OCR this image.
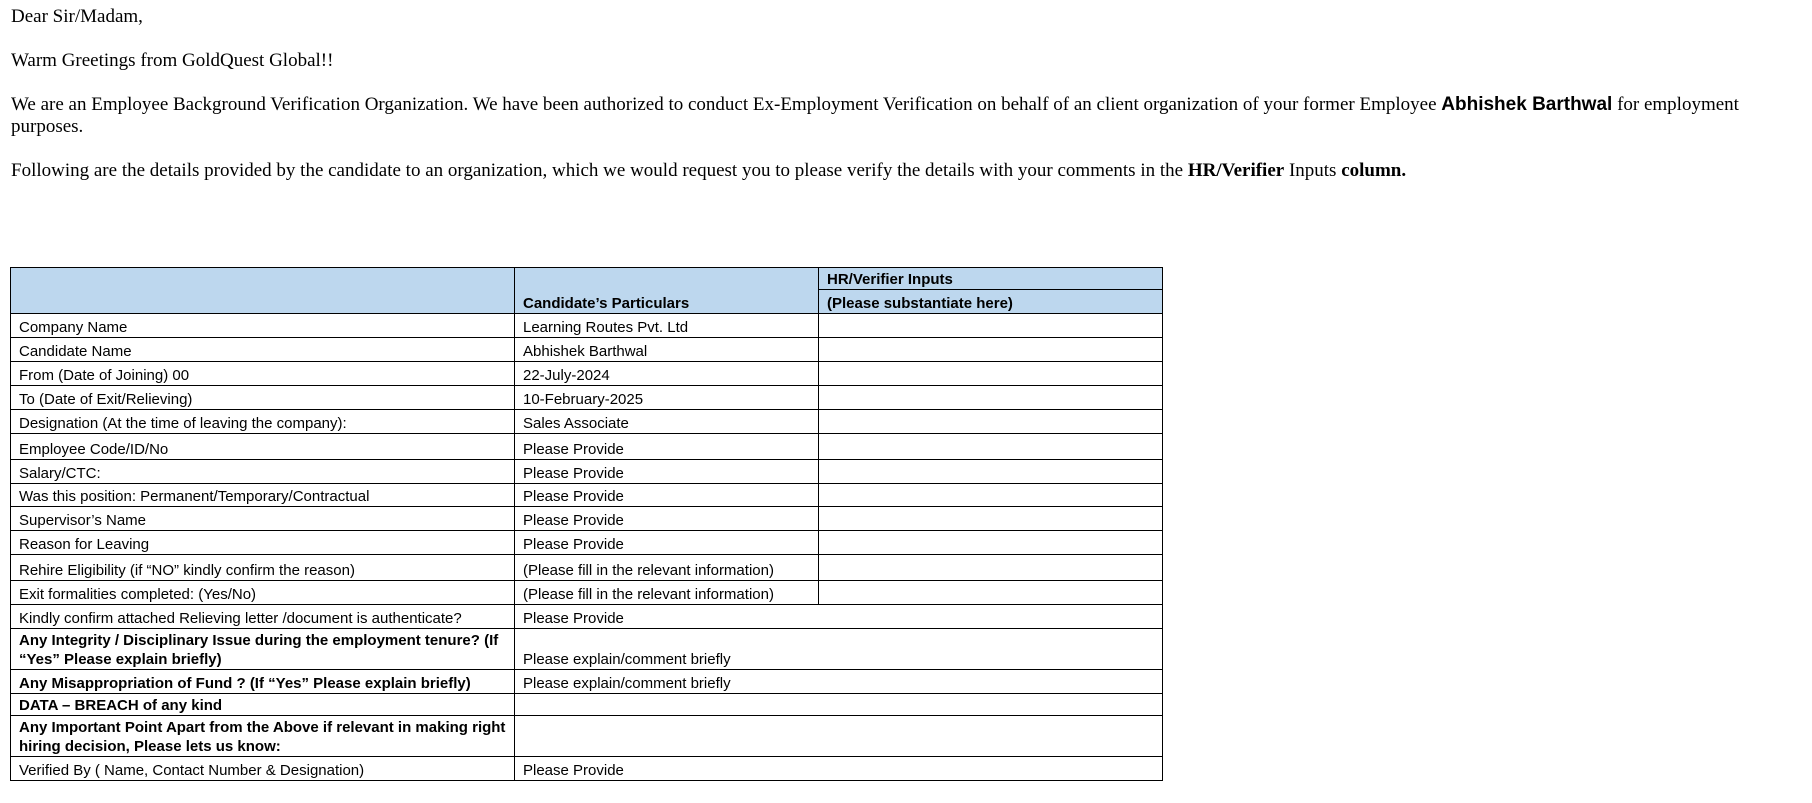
Dear Sir/Madam,

Warm Greetings from GoldQuest Global!!

We are an Employee Background Verification Organization. We have been authorized to conduct Ex-Employment Verification on behalf of an client organization of your former Employee Abhishek Barthwal for employment purposes.

Following are the details provided by the candidate to an organization, which we would request you to please verify the details with your comments in the HR/Verifier Inputs column.

	Candidate’s Particulars	HR/Verifier Inputs
		(Please substantiate here)
Company Name	Learning Routes Pvt. Ltd	
Candidate Name	Abhishek Barthwal	
From (Date of Joining) 00	22-July-2024	
To (Date of Exit/Relieving)	10-February-2025	
Designation (At the time of leaving the company):	Sales Associate	
Employee Code/ID/No	Please Provide	
Salary/CTC:	Please Provide	
Was this position: Permanent/Temporary/Contractual	Please Provide	
Supervisor’s Name	Please Provide	
Reason for Leaving	Please Provide	
Rehire Eligibility (if “NO” kindly confirm the reason)	(Please fill in the relevant information)	
Exit formalities completed: (Yes/No)	(Please fill in the relevant information)	
Kindly confirm attached Relieving letter /document is authenticate?	Please Provide	
Any Integrity / Disciplinary Issue during the employment tenure? (If “Yes” Please explain briefly)	Please explain/comment briefly	
Any Misappropriation of Fund ? (If “Yes” Please explain briefly)	Please explain/comment briefly	
DATA – BREACH of any kind		
Any Important Point Apart from the Above if relevant in making right hiring decision, Please lets us know:		
Verified By ( Name, Contact Number & Designation)	Please Provide	
